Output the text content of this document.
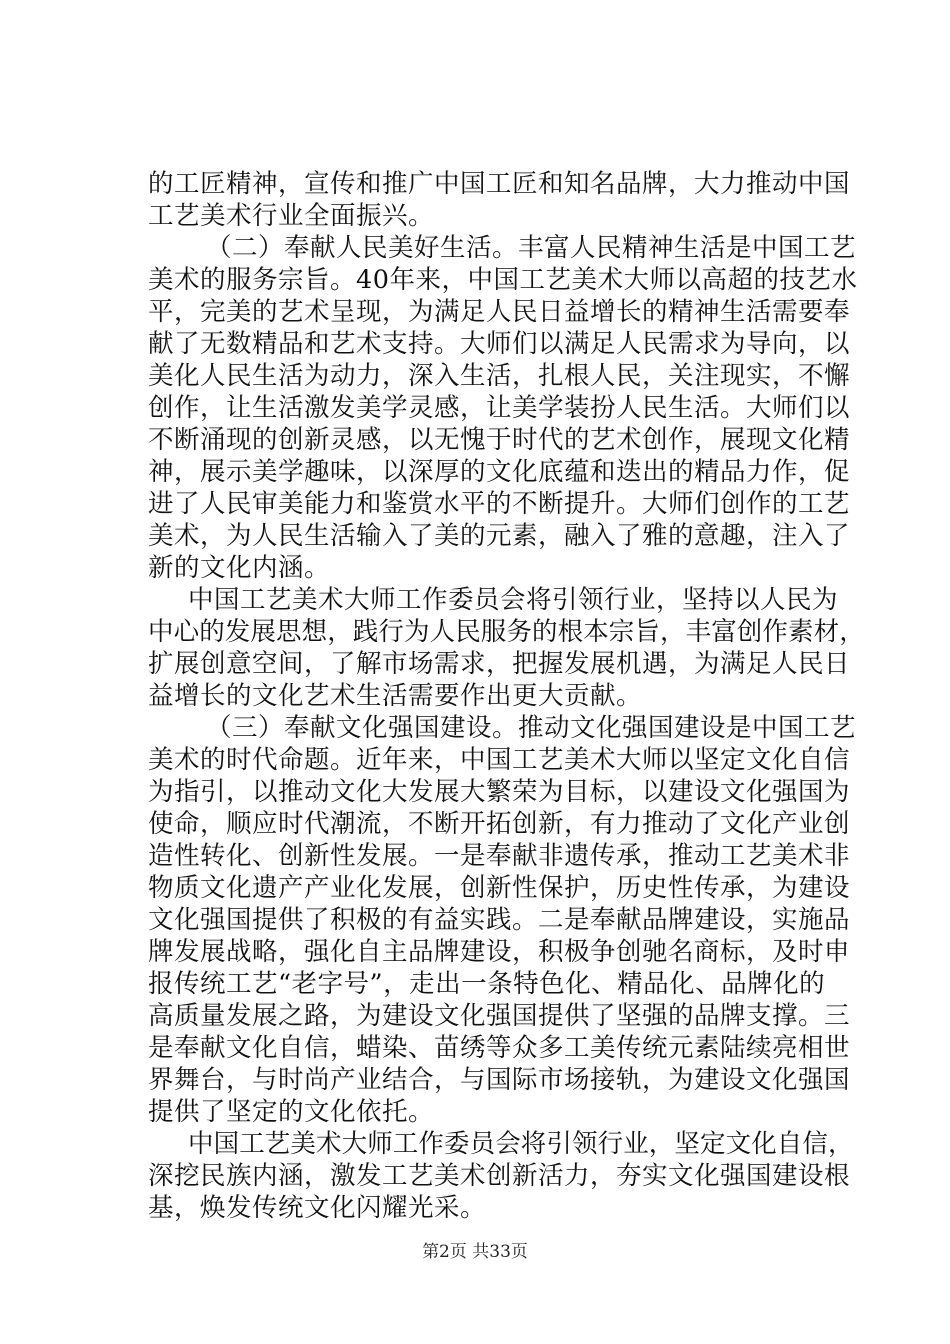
的工匠精神，宣传和推广中国工匠和知名品牌，大力推动中国
工艺美术行业全面振兴。
（二）奉献人民美好生活。丰富人民精神生活是中国工艺
美术的服务宗旨。40年来，中国工艺美术大师以高超的技艺水
平，完美的艺术呈现，为满足人民日益增长的精神生活需要奉
献了无数精品和艺术支持。大师们以满足人民需求为导向，以
美化人民生活为动力，深入生活，扎根人民，关注现实，不懈
创作，让生活激发美学灵感，让美学装扮人民生活。大师们以
不断涌现的创新灵感，以无愧于时代的艺术创作，展现文化精
神，展示美学趣味，以深厚的文化底蕴和迭出的精品力作，促
进了人民审美能力和鉴赏水平的不断提升。大师们创作的工艺
美术，为人民生活输入了美的元素，融入了雅的意趣，注入了
新的文化内涵。
中国工艺美术大师工作委员会将引领行业，坚持以人民为
中心的发展思想，践行为人民服务的根本宗旨，丰富创作素材，
扩展创意空间，了解市场需求，把握发展机遇，为满足人民日
益增长的文化艺术生活需要作出更大贡献。
（三）奉献文化强国建设。推动文化强国建设是中国工艺
美术的时代命题。近年来，中国工艺美术大师以坚定文化自信
为指引，以推动文化大发展大繁荣为目标，以建设文化强国为
使命，顺应时代潮流，不断开拓创新，有力推动了文化产业创
造性转化、创新性发展。一是奉献非遗传承，推动工艺美术非
物质文化遗产产业化发展，创新性保护，历史性传承，为建设
文化强国提供了积极的有益实践。二是奉献品牌建设，实施品
牌发展战略，强化自主品牌建设，积极争创驰名商标，及时申
报传统工艺“老字号”，走出一条特色化、精品化、品牌化的
高质量发展之路，为建设文化强国提供了坚强的品牌支撑。三
是奉献文化自信，蜡染、苗绣等众多工美传统元素陆续亮相世
界舞台，与时尚产业结合，与国际市场接轨，为建设文化强国
提供了坚定的文化依托。
中国工艺美术大师工作委员会将引领行业，坚定文化自信，
深挖民族内涵，激发工艺美术创新活力，夯实文化强国建设根
基，焕发传统文化闪耀光采。
第2页 共33页
